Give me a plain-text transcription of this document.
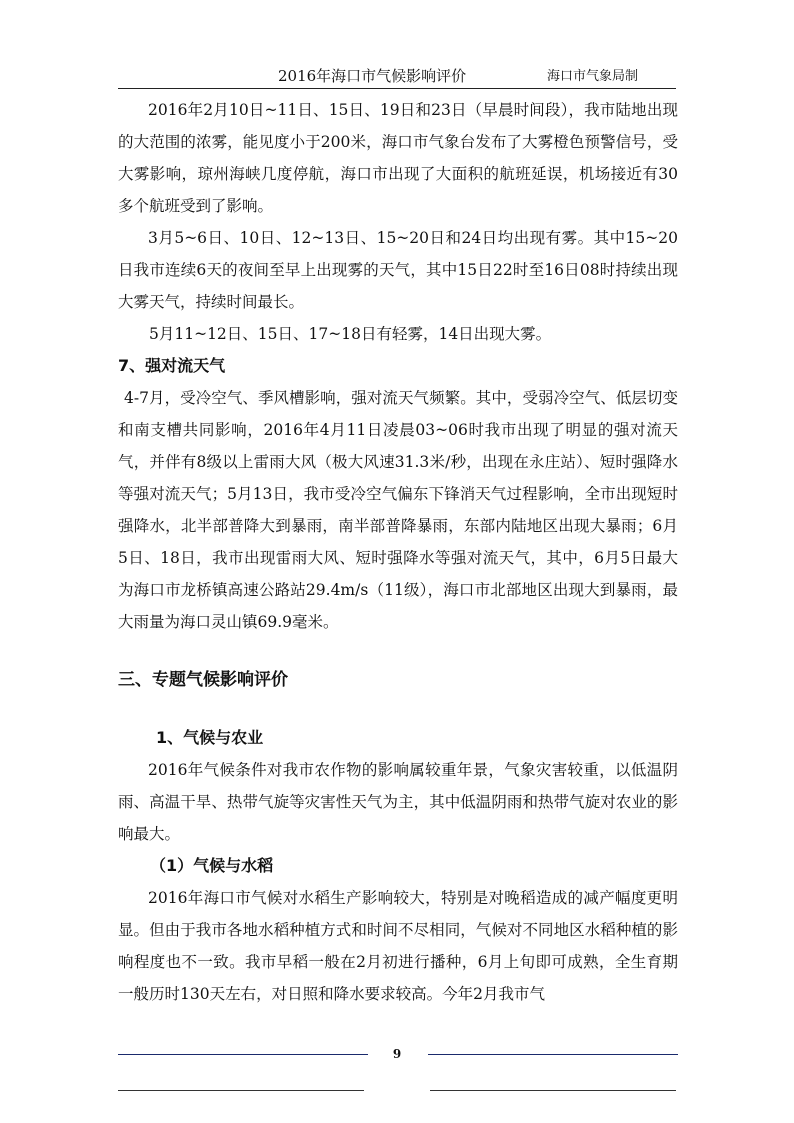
2016年海口市气候影响评价	海口市气象局制

2016年2月10日~11日、15日、19日和23日（早晨时间段），我市陆地出现的大范围的浓雾，能见度小于200米，海口市气象台发布了大雾橙色预警信号，受大雾影响，琼州海峡几度停航，海口市出现了大面积的航班延误，机场接近有30多个航班受到了影响。

3月5~6日、10日、12~13日、15~20日和24日均出现有雾。其中15~20日我市连续6天的夜间至早上出现雾的天气，其中15日22时至16日08时持续出现大雾天气，持续时间最长。

5月11~12日、15日、17~18日有轻雾，14日出现大雾。

7、强对流天气

4-7月，受冷空气、季风槽影响，强对流天气频繁。其中，受弱冷空气、低层切变和南支槽共同影响，2016年4月11日凌晨03~06时我市出现了明显的强对流天气，并伴有8级以上雷雨大风（极大风速31.3米/秒，出现在永庄站）、短时强降水等强对流天气；5月13日，我市受冷空气偏东下锋消天气过程影响，全市出现短时强降水，北半部普降大到暴雨，南半部普降暴雨，东部内陆地区出现大暴雨；6月5日、18日，我市出现雷雨大风、短时强降水等强对流天气，其中，6月5日最大为海口市龙桥镇高速公路站29.4m/s（11级），海口市北部地区出现大到暴雨，最大雨量为海口灵山镇69.9毫米。

三、专题气候影响评价
1、气候与农业

2016年气候条件对我市农作物的影响属较重年景，气象灾害较重，以低温阴雨、高温干旱、热带气旋等灾害性天气为主，其中低温阴雨和热带气旋对农业的影响最大。

（1）气候与水稻

2016年海口市气候对水稻生产影响较大，特别是对晚稻造成的减产幅度更明显。但由于我市各地水稻种植方式和时间不尽相同，气候对不同地区水稻种植的影响程度也不一致。我市早稻一般在2月初进行播种，6月上旬即可成熟，全生育期一般历时130天左右，对日照和降水要求较高。今年2月我市气

9
